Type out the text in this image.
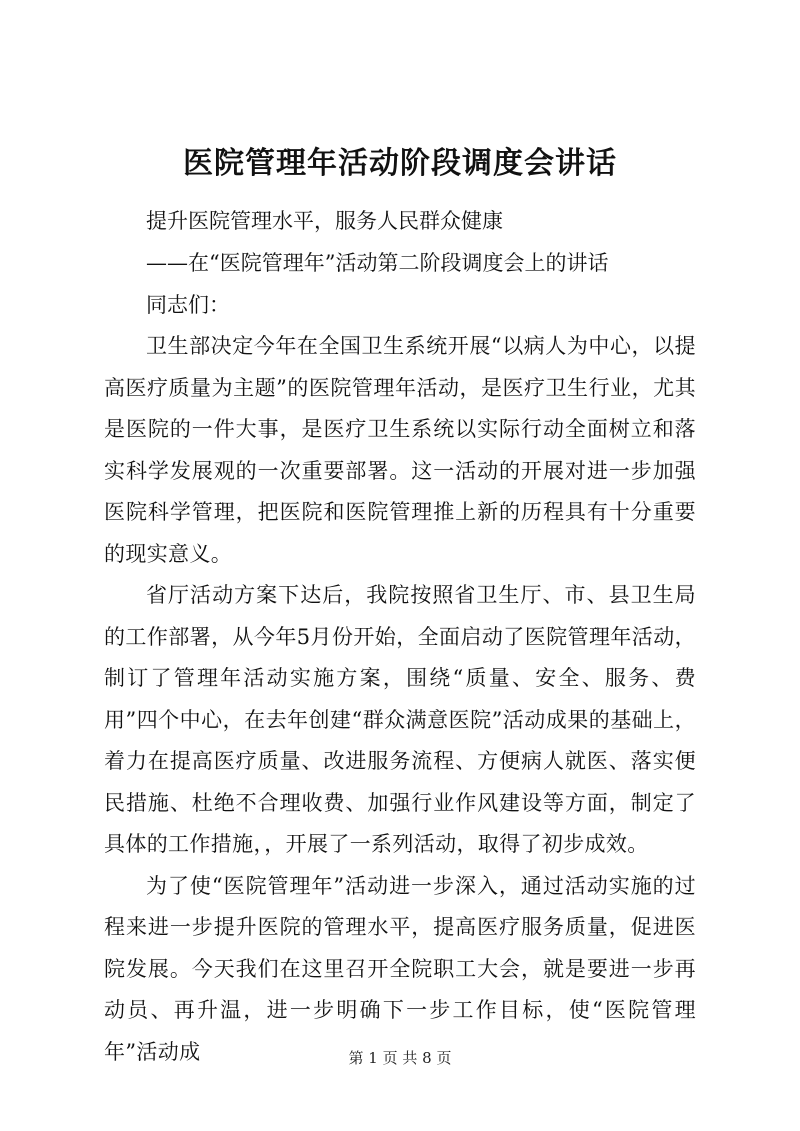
医院管理年活动阶段调度会讲话

提升医院管理水平，服务人民群众健康

——在“医院管理年”活动第二阶段调度会上的讲话

同志们：

卫生部决定今年在全国卫生系统开展“以病人为中心，以提高医疗质量为主题”的医院管理年活动，是医疗卫生行业，尤其是医院的一件大事，是医疗卫生系统以实际行动全面树立和落实科学发展观的一次重要部署。这一活动的开展对进一步加强医院科学管理，把医院和医院管理推上新的历程具有十分重要的现实意义。

省厅活动方案下达后，我院按照省卫生厅、市、县卫生局的工作部署，从今年5月份开始，全面启动了医院管理年活动，制订了管理年活动实施方案，围绕“质量、安全、服务、费用”四个中心，在去年创建“群众满意医院”活动成果的基础上，着力在提高医疗质量、改进服务流程、方便病人就医、落实便民措施、杜绝不合理收费、加强行业作风建设等方面，制定了具体的工作措施，，开展了一系列活动，取得了初步成效。

为了使“医院管理年”活动进一步深入，通过活动实施的过程来进一步提升医院的管理水平，提高医疗服务质量，促进医院发展。今天我们在这里召开全院职工大会，就是要进一步再动员、再升温，进一步明确下一步工作目标，使“医院管理年”活动成	第 1 页 共 8 页
